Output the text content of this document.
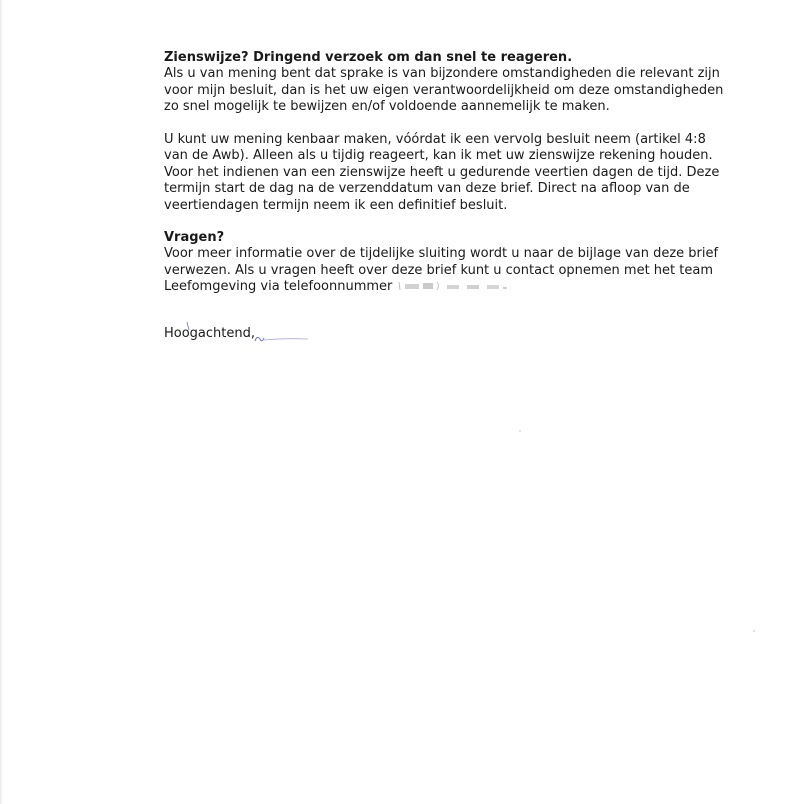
Zienswijze? Dringend verzoek om dan snel te reageren.

Als u van mening bent dat sprake is van bijzondere omstandigheden die relevant zijn
voor mijn besluit, dan is het uw eigen verantwoordelijkheid om deze omstandigheden
zo snel mogelijk te bewijzen en/of voldoende aannemelijk te maken.

U kunt uw mening kenbaar maken, vóórdat ik een vervolg besluit neem (artikel 4:8
van de Awb). Alleen als u tijdig reageert, kan ik met uw zienswijze rekening houden.
Voor het indienen van een zienswijze heeft u gedurende veertien dagen de tijd. Deze
termijn start de dag na de verzenddatum van deze brief. Direct na afloop van de
veertiendagen termijn neem ik een definitief besluit.

Vragen?

Voor meer informatie over de tijdelijke sluiting wordt u naar de bijlage van deze brief
verwezen. Als u vragen heeft over deze brief kunt u contact opnemen met het team
Leefomgeving via telefoonnummer

Hoogachtend,
